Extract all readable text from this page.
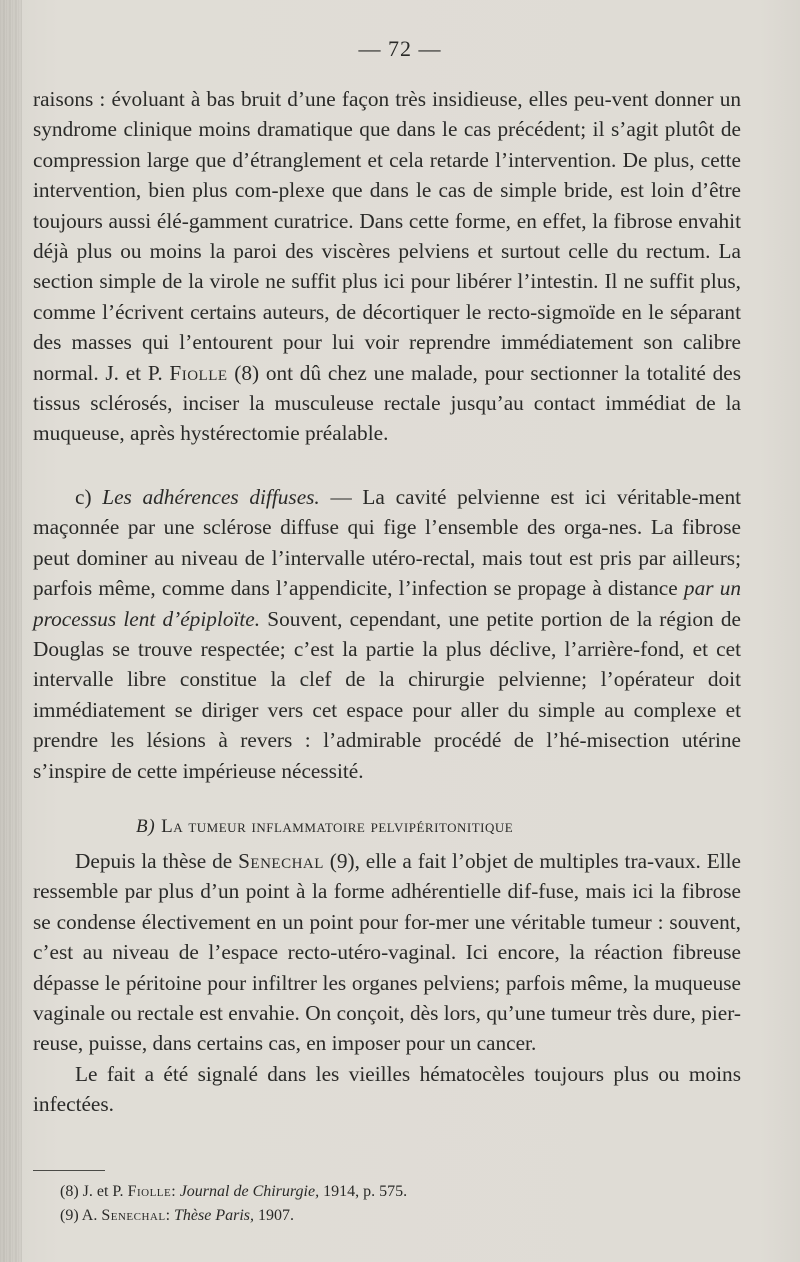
— 72 —

raisons : évoluant à bas bruit d’une façon très insidieuse, elles peu-vent donner un syndrome clinique moins dramatique que dans le cas précédent; il s’agit plutôt de compression large que d’étranglement et cela retarde l’intervention. De plus, cette intervention, bien plus com-plexe que dans le cas de simple bride, est loin d’être toujours aussi élé-gamment curatrice. Dans cette forme, en effet, la fibrose envahit déjà plus ou moins la paroi des viscères pelviens et surtout celle du rectum. La section simple de la virole ne suffit plus ici pour libérer l’intestin. Il ne suffit plus, comme l’écrivent certains auteurs, de décortiquer le recto-sigmoïde en le séparant des masses qui l’entourent pour lui voir reprendre immédiatement son calibre normal. J. et P. Fiolle (8) ont dû chez une malade, pour sectionner la totalité des tissus sclérosés, inciser la musculeuse rectale jusqu’au contact immédiat de la muqueuse, après hystérectomie préalable.

c) Les adhérences diffuses. — La cavité pelvienne est ici véritable-ment maçonnée par une sclérose diffuse qui fige l’ensemble des orga-nes. La fibrose peut dominer au niveau de l’intervalle utéro-rectal, mais tout est pris par ailleurs; parfois même, comme dans l’appendicite, l’infection se propage à distance par un processus lent d’épiploïte. Souvent, cependant, une petite portion de la région de Douglas se trouve respectée; c’est la partie la plus déclive, l’arrière-fond, et cet intervalle libre constitue la clef de la chirurgie pelvienne; l’opérateur doit immédiatement se diriger vers cet espace pour aller du simple au complexe et prendre les lésions à revers : l’admirable procédé de l’hé-misection utérine s’inspire de cette impérieuse nécessité.

B) La tumeur inflammatoire pelvipéritonitique

Depuis la thèse de Senechal (9), elle a fait l’objet de multiples tra-vaux. Elle ressemble par plus d’un point à la forme adhérentielle dif-fuse, mais ici la fibrose se condense électivement en un point pour for-mer une véritable tumeur : souvent, c’est au niveau de l’espace recto-utéro-vaginal. Ici encore, la réaction fibreuse dépasse le péritoine pour infiltrer les organes pelviens; parfois même, la muqueuse vaginale ou rectale est envahie. On conçoit, dès lors, qu’une tumeur très dure, pier-reuse, puisse, dans certains cas, en imposer pour un cancer.

Le fait a été signalé dans les vieilles hématocèles toujours plus ou moins infectées.

(8) J. et P. Fiolle: Journal de Chirurgie, 1914, p. 575.
(9) A. Senechal: Thèse Paris, 1907.
